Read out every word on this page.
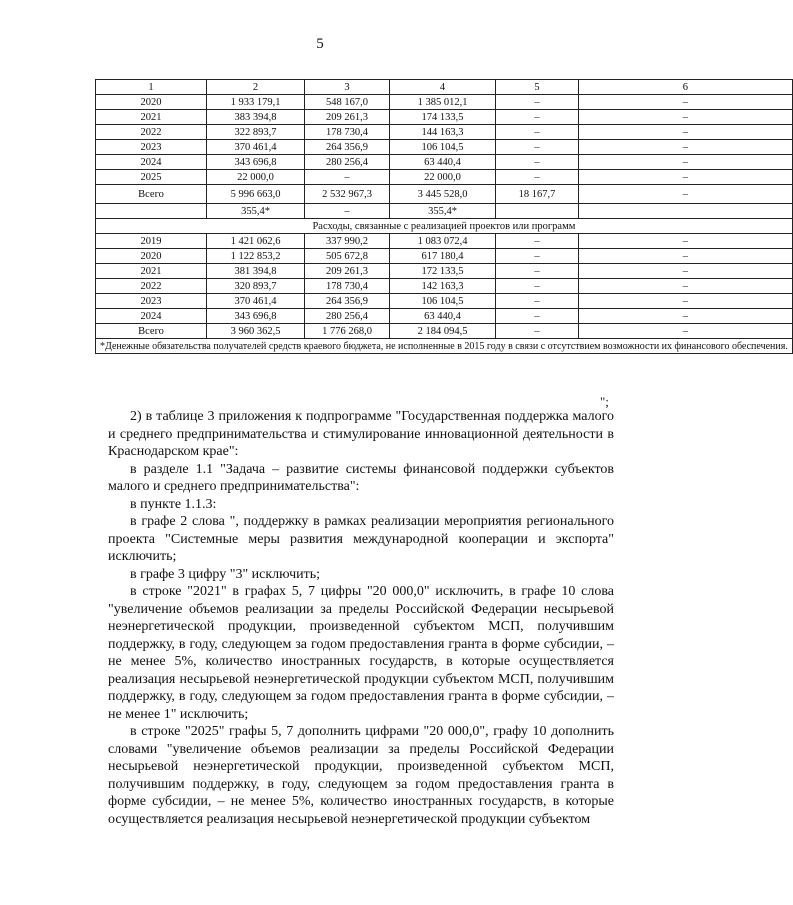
5
1	2	3	4	5	6
2020	1 933 179,1	548 167,0	1 385 012,1	–	–
2021	383 394,8	209 261,3	174 133,5	–	–
2022	322 893,7	178 730,4	144 163,3	–	–
2023	370 461,4	264 356,9	106 104,5	–	–
2024	343 696,8	280 256,4	63 440,4	–	–
2025	22 000,0	–	22 000,0	–	–
Всего	5 996 663,0	2 532 967,3	3 445 528,0	18 167,7	–
	355,4*	–	355,4*		
Расходы, связанные с реализацией проектов или программ					
2019	1 421 062,6	337 990,2	1 083 072,4	–	–
2020	1 122 853,2	505 672,8	617 180,4	–	–
2021	381 394,8	209 261,3	172 133,5	–	–
2022	320 893,7	178 730,4	142 163,3	–	–
2023	370 461,4	264 356,9	106 104,5	–	–
2024	343 696,8	280 256,4	63 440,4	–	–
Всего	3 960 362,5	1 776 268,0	2 184 094,5	–	–
*Денежные обязательства получателей средств краевого бюджета, не исполненные в 2015 году в связи с отсутствием возможности их финансового обеспечения.					
";

2) в таблице 3 приложения к подпрограмме "Государственная поддержка малого и среднего предпринимательства и стимулирование инновационной деятельности в Краснодарском крае":

в разделе 1.1 "Задача – развитие системы финансовой поддержки субъектов малого и среднего предпринимательства":

в пункте 1.1.3:

в графе 2 слова ", поддержку в рамках реализации мероприятия регионального проекта "Системные меры развития международной кооперации и экспорта" исключить;

в графе 3 цифру "3" исключить;

в строке "2021" в графах 5, 7 цифры "20 000,0" исключить, в графе 10 слова "увеличение объемов реализации за пределы Российской Федерации несырьевой неэнергетической продукции, произведенной субъектом МСП, получившим поддержку, в году, следующем за годом предоставления гранта в форме субсидии, – не менее 5%, количество иностранных государств, в которые осуществляется реализация несырьевой неэнергетической продукции субъектом МСП, получившим поддержку, в году, следующем за годом предоставления гранта в форме субсидии, – не менее 1" исключить;

в строке "2025" графы 5, 7 дополнить цифрами "20 000,0", графу 10 дополнить словами "увеличение объемов реализации за пределы Российской Федерации несырьевой неэнергетической продукции, произведенной субъектом МСП, получившим поддержку, в году, следующем за годом предоставления гранта в форме субсидии, – не менее 5%, количество иностранных государств, в которые осуществляется реализация несырьевой неэнергетической продукции субъектом
